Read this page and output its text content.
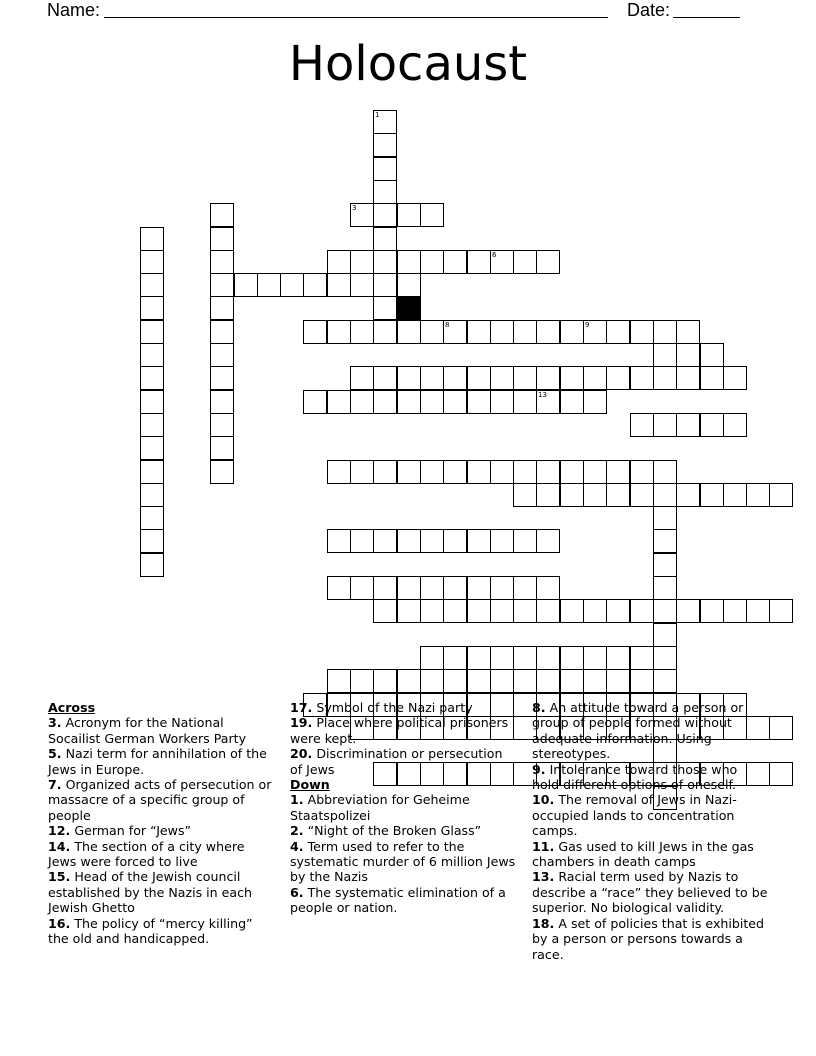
Name:	Date:
Holocaust
1
3
6
8	9
13
Across

3. Acronym for the National Socailist German Workers Party

5. Nazi term for annihilation of the Jews in Europe.

7. Organized acts of persecution or massacre of a specific group of people

12. German for “Jews”

14. The section of a city where Jews were forced to live

15. Head of the Jewish council established by the Nazis in each Jewish Ghetto

16. The policy of “mercy killing” the old and handicapped.

17. Symbol of the Nazi party

19. Place where political prisoners were kept.

20. Discrimination or persecution of Jews

Down

1. Abbreviation for Geheime Staatspolizei

2. “Night of the Broken Glass”

4. Term used to refer to the systematic murder of 6 million Jews by the Nazis

6. The systematic elimination of a people or nation.

8. An attitude toward a person or group of people formed without adequate information. Using stereotypes.

9. Intolerance toward those who hold different options of oneself.

10. The removal of Jews in Nazi-occupied lands to concentration camps.

11. Gas used to kill Jews in the gas chambers in death camps

13. Racial term used by Nazis to describe a “race” they believed to be superior. No biological validity.

18. A set of policies that is exhibited by a person or persons towards a race.
